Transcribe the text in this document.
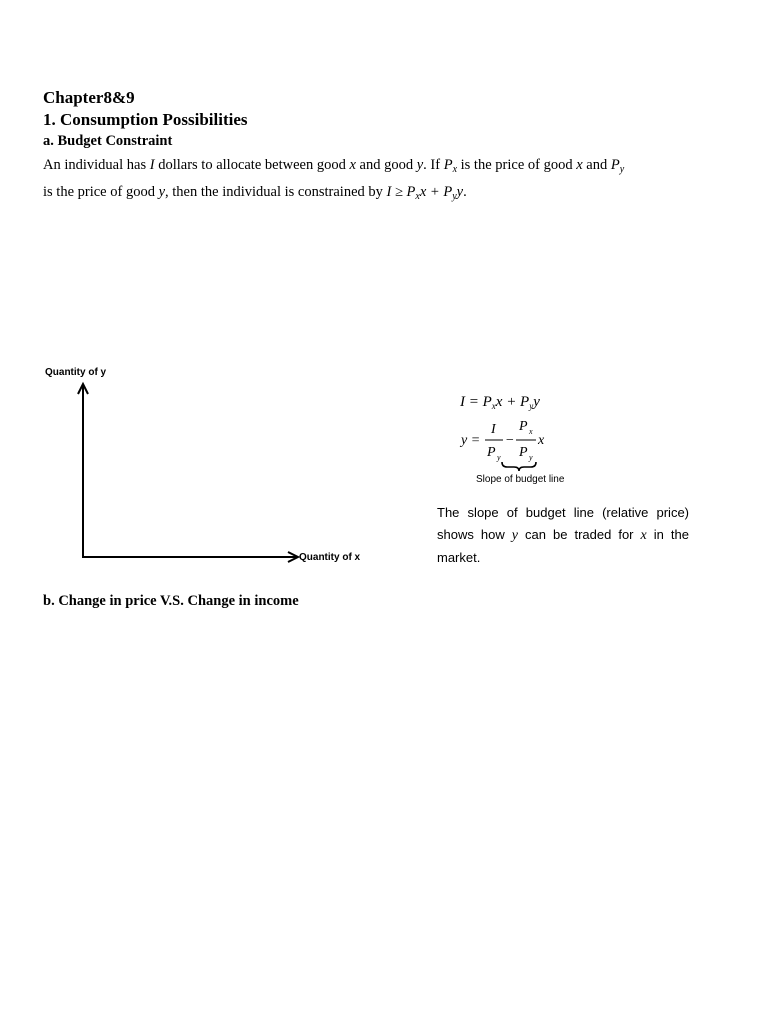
Chapter8&9
1. Consumption Possibilities
a. Budget Constraint
An individual has I dollars to allocate between good x and good y. If $P_x$ is the price of good x and $P_y$
is the price of good y, then the individual is constrained by $I \ge P_xx + P_yy$.
Quantity of y
Quantity of x
$I = P_xx + P_yy$
y =
I
P y
−
P x
P y
x
Slope of budget line
The slope of budget line (relative price) shows how y can be traded for x in the market.
b. Change in price V.S. Change in income
